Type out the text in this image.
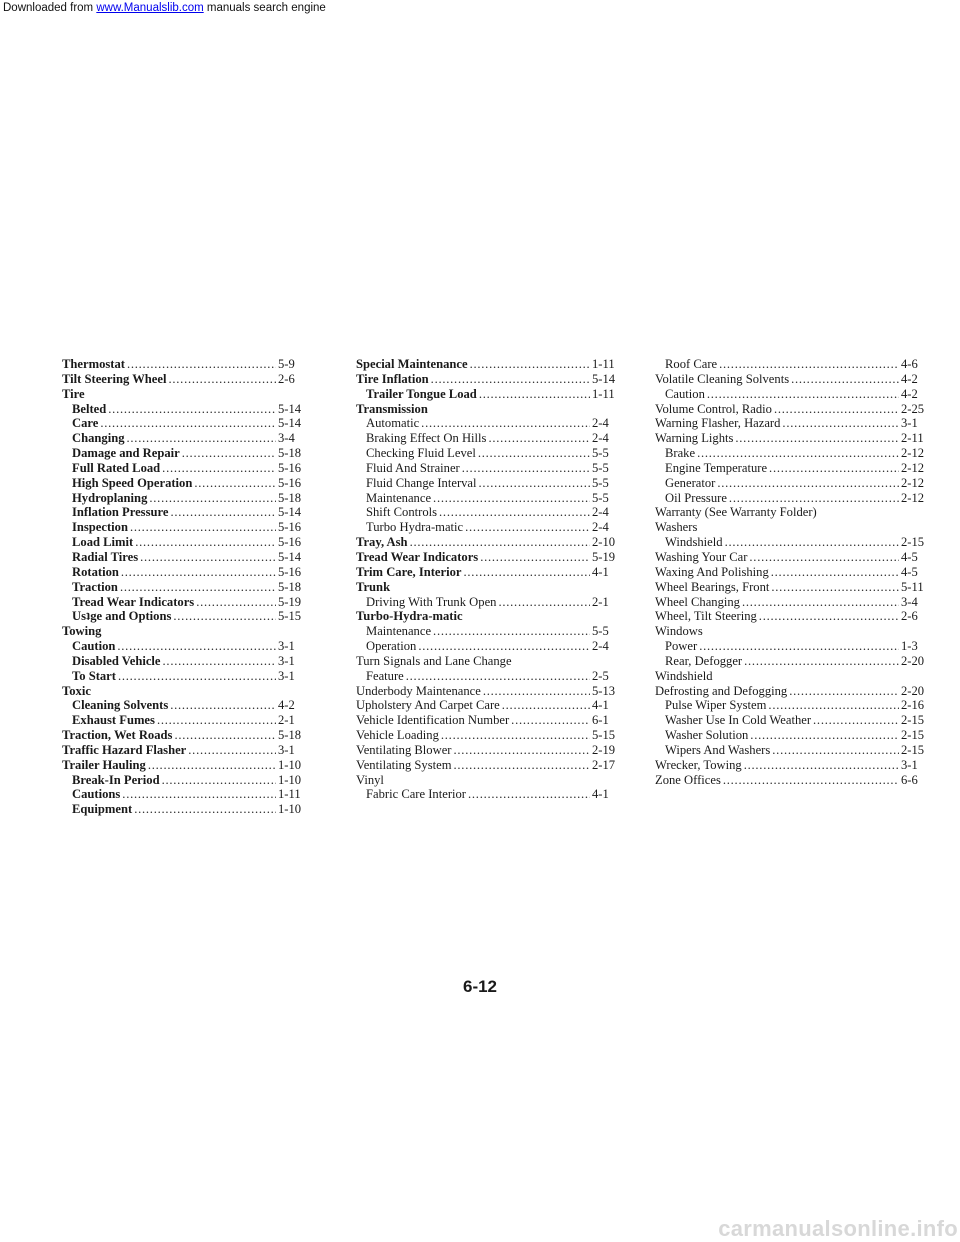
Downloaded from www.Manualslib.com manuals search engine
Thermostat . . .	5-9
Tilt Steering Wheel . . .	2-6
Tire
Belted . . .	5-14
Care . . .	5-14
Changing . . .	3-4
Damage and Repair . . .	5-18
Full Rated Load . . .	5-16
High Speed Operation . . .	5-16
Hydroplaning . . .	5-18
Inflation Pressure . . .	5-14
Inspection . . .	5-16
Load Limit . . .	5-16
Radial Tires . . .	5-14
Rotation . . .	5-16
Traction . . .	5-18
Tread Wear Indicators . . .	5-19
Usʇge and Options . . .	5-15
Towing
Caution . . .	3-1
Disabled Vehicle . . .	3-1
To Start . . .	3-1
Toxic
Cleaning Solvents . . .	4-2
Exhaust Fumes . . .	2-1
Traction, Wet Roads . . .	5-18
Traffic Hazard Flasher . . .	3-1
Trailer Hauling . . .	1-10
Break-In Period . . .	1-10
Cautions . . .	1-11
Equipment . . .	1-10
Special Maintenance . . .	1-11
Tire Inflation . . .	5-14
Trailer Tongue Load . . .	1-11
Transmission
Automatic . . .	2-4
Braking Effect On Hills . . .	2-4
Checking Fluid Level . . .	5-5
Fluid And Strainer . . .	5-5
Fluid Change Interval . . .	5-5
Maintenance . . .	5-5
Shift Controls . . .	2-4
Turbo Hydra-matic . . .	2-4
Tray, Ash . . .	2-10
Tread Wear Indicators . . .	5-19
Trim Care, Interior . . .	4-1
Trunk
Driving With Trunk Open . . .	2-1
Turbo-Hydra-matic
Maintenance . . .	5-5
Operation . . .	2-4
Turn Signals and Lane Change
Feature . . .	2-5
Underbody Maintenance . . .	5-13
Upholstery And Carpet Care . . .	4-1
Vehicle Identification Number . . .	6-1
Vehicle Loading . . .	5-15
Ventilating Blower . . .	2-19
Ventilating System . . .	2-17
Vinyl
Fabric Care Interior . . .	4-1
Roof Care . . .	4-6
Volatile Cleaning Solvents . . .	4-2
Caution . . .	4-2
Volume Control, Radio . . .	2-25
Warning Flasher, Hazard . . .	3-1
Warning Lights . . .	2-11
Brake . . .	2-12
Engine Temperature . . .	2-12
Generator . . .	2-12
Oil Pressure . . .	2-12
Warranty (See Warranty Folder)
Washers
Windshield . . .	2-15
Washing Your Car . . .	4-5
Waxing And Polishing . . .	4-5
Wheel Bearings, Front . . .	5-11
Wheel Changing . . .	3-4
Wheel, Tilt Steering . . .	2-6
Windows
Power . . .	1-3
Rear, Defogger . . .	2-20
Windshield
Defrosting and Defogging . . .	2-20
Pulse Wiper System . . .	2-16
Washer Use In Cold Weather . . .	2-15
Washer Solution . . .	2-15
Wipers And Washers . . .	2-15
Wrecker, Towing . . .	3-1
Zone Offices . . .	6-6
6-12
carmanualsonline.info
